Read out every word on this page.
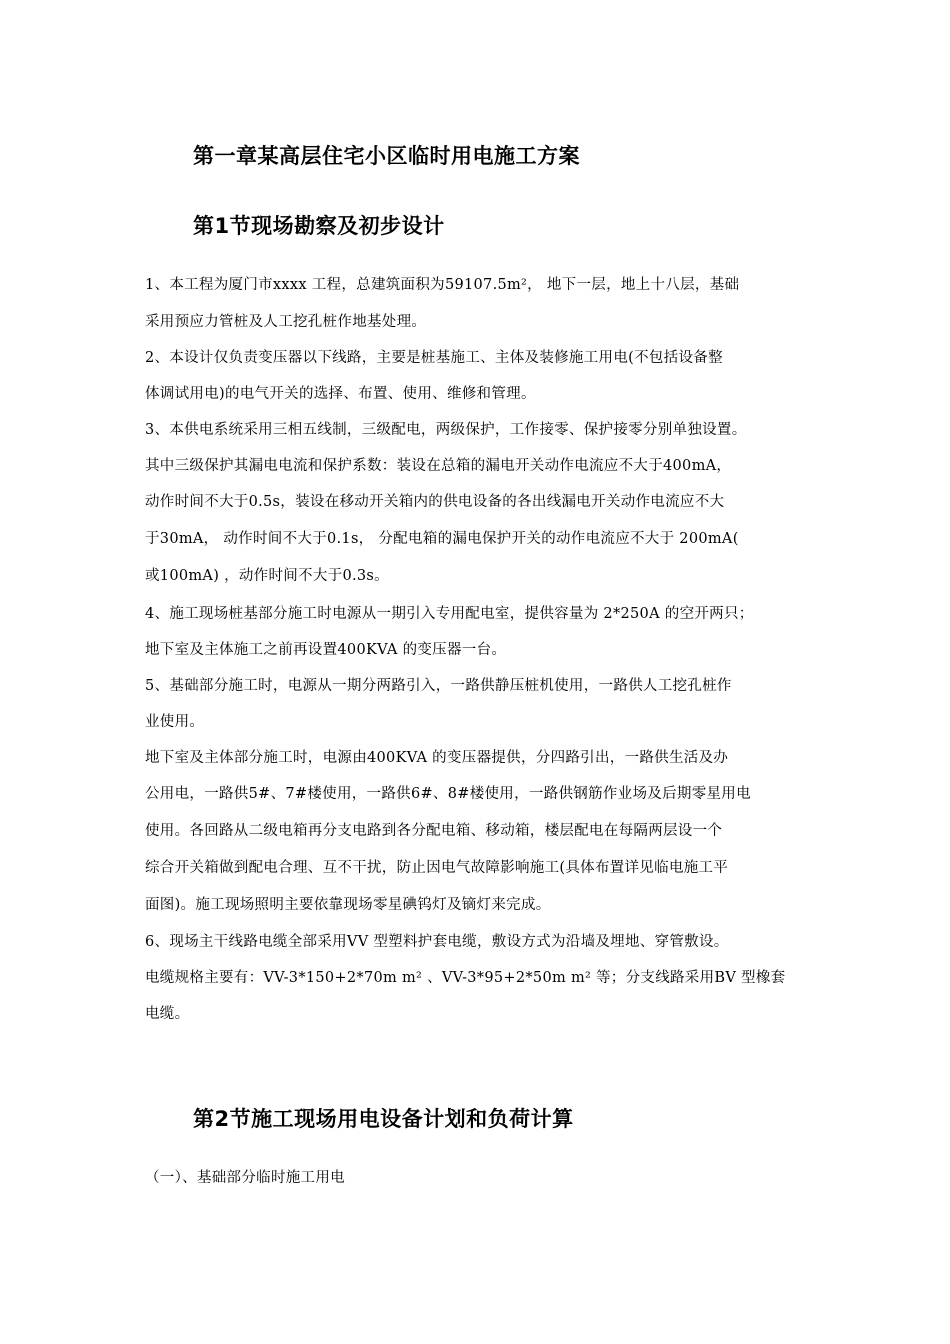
第一章某高层住宅小区临时用电施工方案
第1节现场勘察及初步设计

1、本工程为厦门市xxxx 工程，总建筑面积为59107.5m²， 地下一层，地上十八层，基础

采用预应力管桩及人工挖孔桩作地基处理。

2、本设计仅负责变压器以下线路，主要是桩基施工、主体及装修施工用电(不包括设备整

体调试用电)的电气开关的选择、布置、使用、维修和管理。

3、本供电系统采用三相五线制，三级配电，两级保护，工作接零、保护接零分别单独设置。

其中三级保护其漏电电流和保护系数：装设在总箱的漏电开关动作电流应不大于400mA，

动作时间不大于0.5s，装设在移动开关箱内的供电设备的各出线漏电开关动作电流应不大

于30mA， 动作时间不大于0.1s， 分配电箱的漏电保护开关的动作电流应不大于 200mA(

或100mA) ，动作时间不大于0.3s。

4、施工现场桩基部分施工时电源从一期引入专用配电室，提供容量为 2*250A 的空开两只；

地下室及主体施工之前再设置400KVA 的变压器一台。

5、基础部分施工时，电源从一期分两路引入，一路供静压桩机使用，一路供人工挖孔桩作

业使用。

地下室及主体部分施工时，电源由400KVA 的变压器提供，分四路引出，一路供生活及办

公用电，一路供5#、7#楼使用，一路供6#、8#楼使用，一路供钢筋作业场及后期零星用电

使用。各回路从二级电箱再分支电路到各分配电箱、移动箱，楼层配电在每隔两层设一个

综合开关箱做到配电合理、互不干扰，防止因电气故障影响施工(具体布置详见临电施工平

面图)。施工现场照明主要依靠现场零星碘钨灯及镝灯来完成。

6、现场主干线路电缆全部采用VV 型塑料护套电缆，敷设方式为沿墙及埋地、穿管敷设。

电缆规格主要有：VV-3*150+2*70m m² 、VV-3*95+2*50m m² 等；分支线路采用BV 型橡套

电缆。

第2节施工现场用电设备计划和负荷计算

（一）、基础部分临时施工用电
